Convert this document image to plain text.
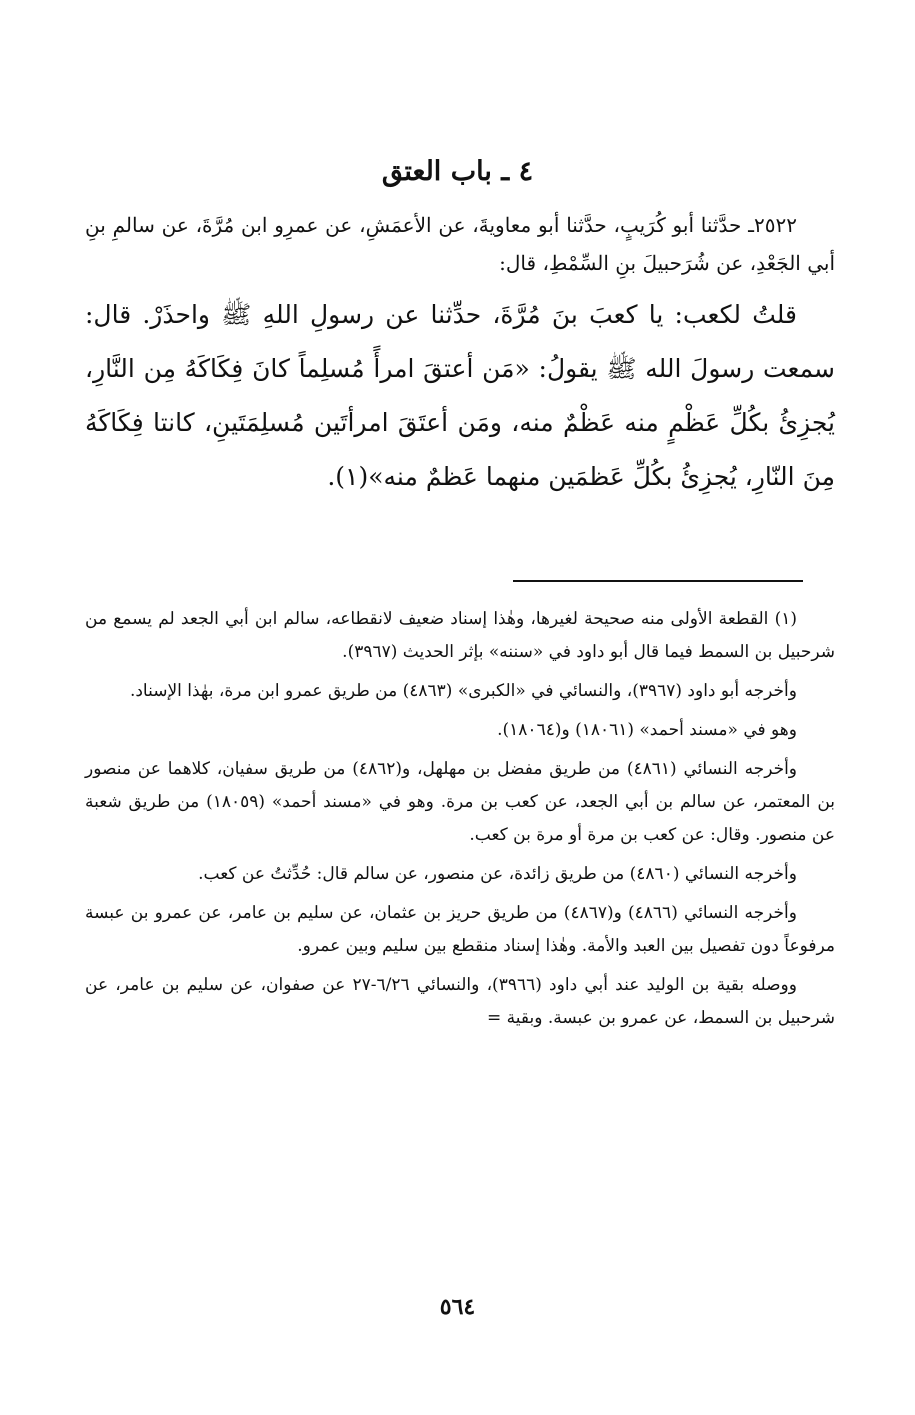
٤ ـ باب العتق

٢٥٢٢ـ حدَّثنا أبو كُرَيبٍ، حدَّثنا أبو معاويةَ، عن الأعمَشِ، عن عمرِو ابن مُرَّةَ، عن سالمِ بنِ أبي الجَعْدِ، عن شُرَحبيلَ بنِ السِّمْطِ، قال:

قلتُ لكعب: يا كعبَ بنَ مُرَّةَ، حدِّثنا عن رسولِ اللهِ ﷺ واحذَرْ. قال: سمعت رسولَ الله ﷺ يقولُ: «مَن أعتقَ امرأً مُسلِماً كانَ فِكَاكَهُ مِن النَّارِ، يُجزِئُ بكُلِّ عَظْمٍ منه عَظْمٌ منه، ومَن أعتَقَ امرأتَين مُسلِمَتَينِ، كانتا فِكَاكَهُ مِنَ النّارِ، يُجزِئُ بكُلِّ عَظمَين منهما عَظمٌ منه»(١).

(١) القطعة الأولى منه صحيحة لغيرها، وهٰذا إسناد ضعيف لانقطاعه، سالم ابن أبي الجعد لم يسمع من شرحبيل بن السمط فيما قال أبو داود في «سننه» بإثر الحديث (٣٩٦٧).

وأخرجه أبو داود (٣٩٦٧)، والنسائي في «الكبرى» (٤٨٦٣) من طريق عمرو ابن مرة، بهٰذا الإسناد.

وهو في «مسند أحمد» (١٨٠٦١) و(١٨٠٦٤).

وأخرجه النسائي (٤٨٦١) من طريق مفضل بن مهلهل، و(٤٨٦٢) من طريق سفيان، كلاهما عن منصور بن المعتمر، عن سالم بن أبي الجعد، عن كعب بن مرة. وهو في «مسند أحمد» (١٨٠٥٩) من طريق شعبة عن منصور. وقال: عن كعب بن مرة أو مرة بن كعب.

وأخرجه النسائي (٤٨٦٠) من طريق زائدة، عن منصور، عن سالم قال: حُدِّثتُ عن كعب.

وأخرجه النسائي (٤٨٦٦) و(٤٨٦٧) من طريق حريز بن عثمان، عن سليم بن عامر، عن عمرو بن عبسة مرفوعاً دون تفصيل بين العبد والأمة. وهٰذا إسناد منقطع بين سليم وبين عمرو.

ووصله بقية بن الوليد عند أبي داود (٣٩٦٦)، والنسائي ٦/٢٦-٢٧ عن صفوان، عن سليم بن عامر، عن شرحبيل بن السمط، عن عمرو بن عبسة. وبقية =

٥٦٤
